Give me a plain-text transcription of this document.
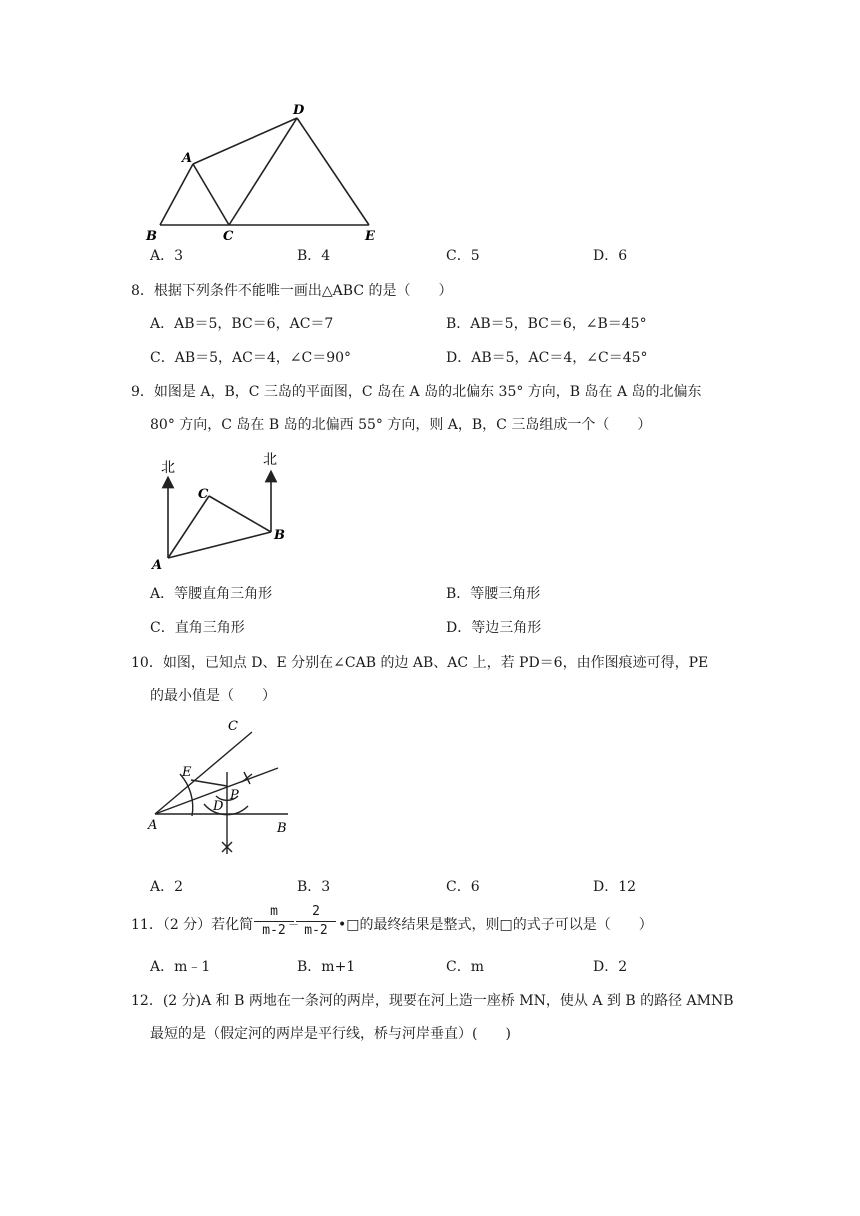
A
B	C
D
E
A．3	B．4	C．5	D．6
8．根据下列条件不能唯一画出△ABC 的是（　　）
A．AB＝5，BC＝6，AC＝7	B．AB＝5，BC＝6，∠B＝45°
C．AB＝5，AC＝4，∠C＝90°	D．AB＝5，AC＝4，∠C＝45°
9．如图是 A，B，C 三岛的平面图，C 岛在 A 岛的北偏东 35° 方向，B 岛在 A 岛的北偏东
80° 方向，C 岛在 B 岛的北偏西 55° 方向，则 A，B，C 三岛组成一个（　　）
北	北
A
B
C
A．等腰直角三角形	B．等腰三角形
C．直角三角形	D．等边三角形
10．如图，已知点 D、E 分别在∠CAB 的边 AB、AC 上，若 PD＝6，由作图痕迹可得，PE
的最小值是（　　）
A	B
C
D
E
P
A．2	B．3	C．6	D．12
11．（2 分）若化简
m
m-2 －
2
m-2 •□的最终结果是整式，则□的式子可以是（　　）
A．m﹣1	B．m+1	C．m	D．2
12．(2 分)A 和 B 两地在一条河的两岸，现要在河上造一座桥 MN，使从 A 到 B 的路径 AMNB
最短的是（假定河的两岸是平行线，桥与河岸垂直）(　　)
